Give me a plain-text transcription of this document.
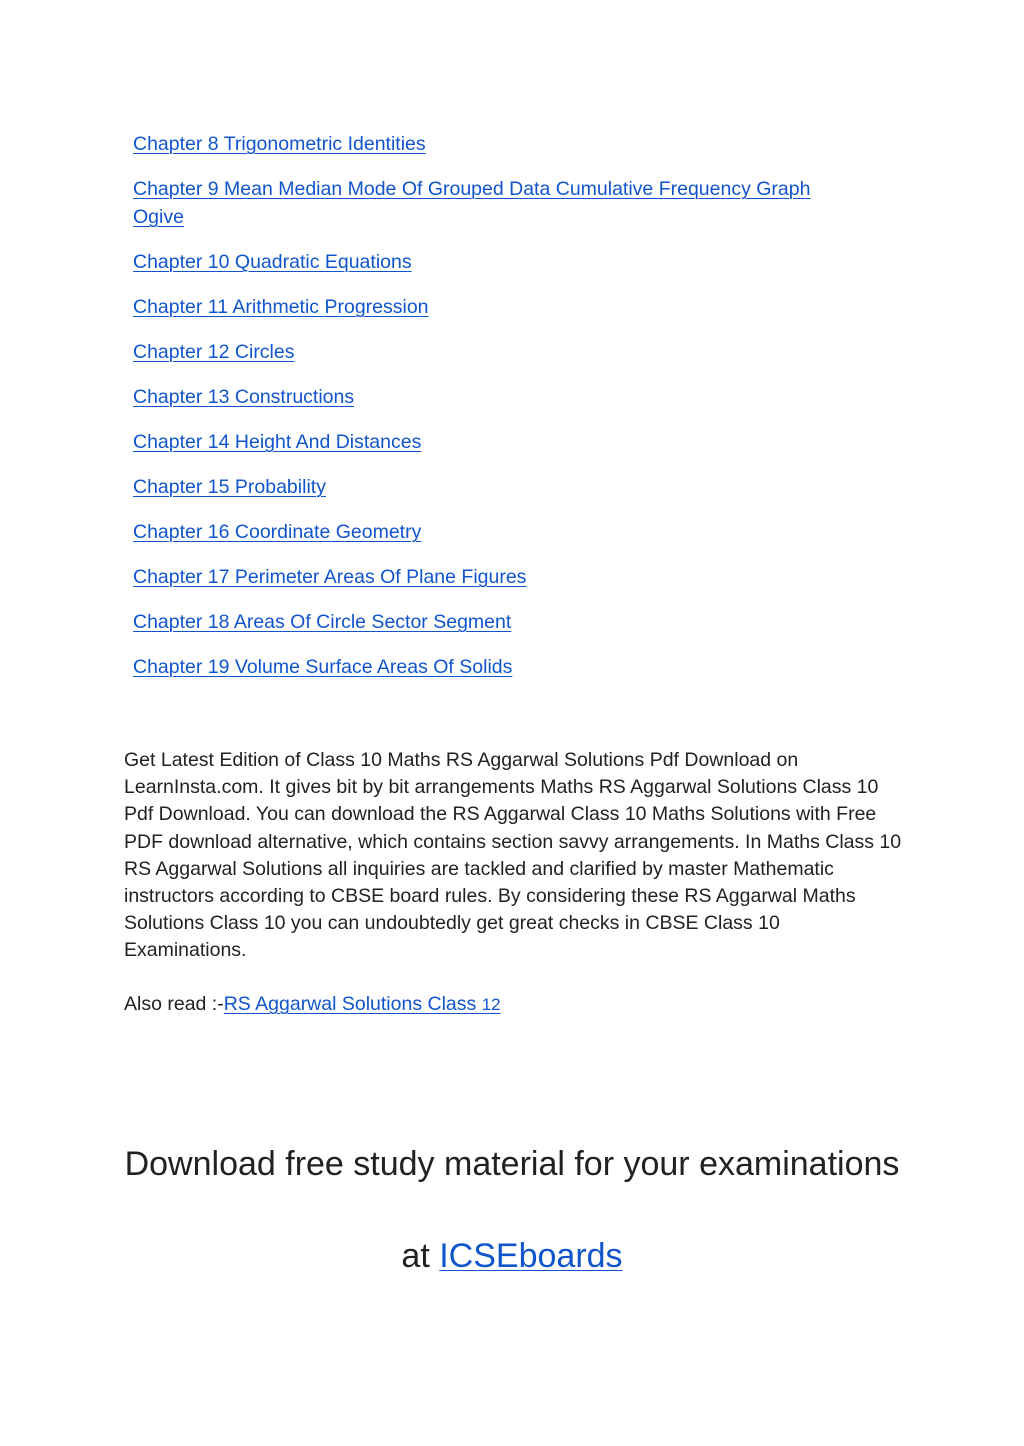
Chapter 8 Trigonometric Identities
Chapter 9 Mean Median Mode Of Grouped Data Cumulative Frequency Graph Ogive
Chapter 10 Quadratic Equations
Chapter 11 Arithmetic Progression
Chapter 12 Circles
Chapter 13 Constructions
Chapter 14 Height And Distances
Chapter 15 Probability
Chapter 16 Coordinate Geometry
Chapter 17 Perimeter Areas Of Plane Figures
Chapter 18 Areas Of Circle Sector Segment
Chapter 19 Volume Surface Areas Of Solids

Get Latest Edition of Class 10 Maths RS Aggarwal Solutions Pdf Download on LearnInsta.com. It gives bit by bit arrangements Maths RS Aggarwal Solutions Class 10 Pdf Download. You can download the RS Aggarwal Class 10 Maths Solutions with Free PDF download alternative, which contains section savvy arrangements. In Maths Class 10 RS Aggarwal Solutions all inquiries are tackled and clarified by master Mathematic instructors according to CBSE board rules. By considering these RS Aggarwal Maths Solutions Class 10 you can undoubtedly get great checks in CBSE Class 10 Examinations.

Also read :-RS Aggarwal Solutions Class 12

Download free study material for your examinations

at ICSEboards
